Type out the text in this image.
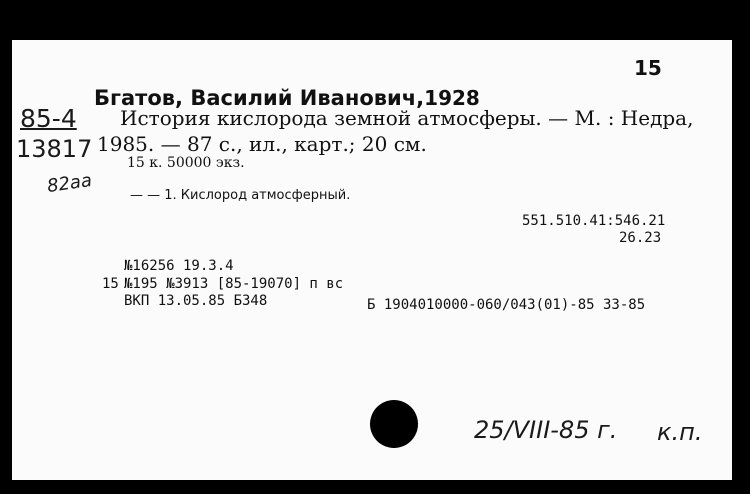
15
85-4
13817
82aa
Бгатов, Василий Иванович,1928
История кислорода земной атмосферы. — М. : Недра,
1985. — 87 с., ил., карт.; 20 см.
15 к. 50000 экз.
— — 1. Кислород атмосферный.
551.510.41:546.21
26.23
№16256 19.3.4
15 №195 №3913 [85-19070] п вс
ВКП 13.05.85 Б348	Б 1904010000-060/043(01)-85 33-85
25/VIII-85 г. к.п.
